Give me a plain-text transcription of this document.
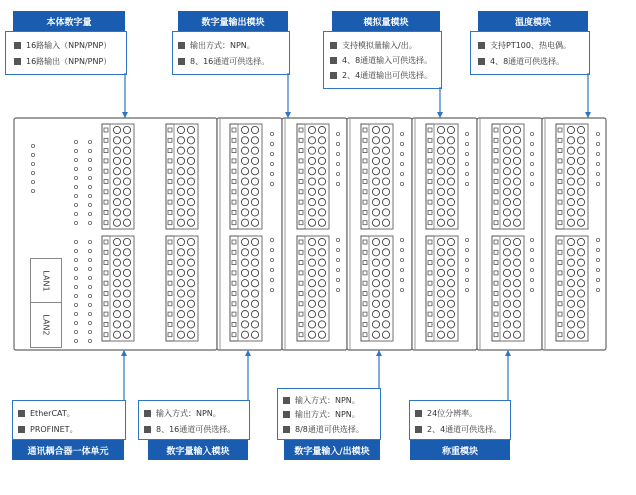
本体数字量
16路输入（NPN/PNP）
16路输出（NPN/PNP）
数字量输出模块
输出方式：NPN。
8、16通道可供选择。
模拟量模块
支持模拟量输入/出。
4、8通道输入可供选择。
2、4通道输出可供选择。
温度模块
支持PT100、热电偶。
4、8通道可供选择。
LAN1
LAN2
EtherCAT。
PROFINET。
通讯耦合器一体单元
输入方式：NPN。
8、16通道可供选择。
数字量输入模块
输入方式：NPN。
输出方式：NPN。
8/8通道可供选择。
数字量输入/出模块
24位分辨率。
2、4通道可供选择。
称重模块
